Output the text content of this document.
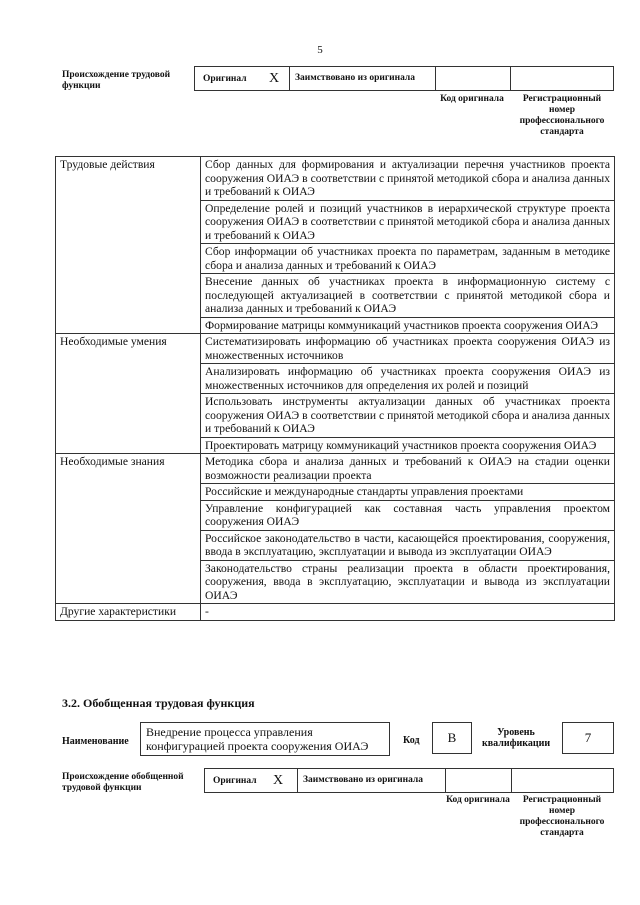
5
Происхождение трудовой функции
Оригинал X Заимствовано из оригинала
Код оригинала	Регистрационный номер профессионального стандарта
Трудовые действия	Сбор данных для формирования и актуализации перечня участников проекта сооружения ОИАЭ в соответствии с принятой методикой сбора и анализа данных и требований к ОИАЭ
	Определение ролей и позиций участников в иерархической структуре проекта сооружения ОИАЭ в соответствии с принятой методикой сбора и анализа данных и требований к ОИАЭ
	Сбор информации об участниках проекта по параметрам, заданным в методике сбора и анализа данных и требований к ОИАЭ
	Внесение данных об участниках проекта в информационную систему с последующей актуализацией в соответствии с принятой методикой сбора и анализа данных и требований к ОИАЭ
	Формирование матрицы коммуникаций участников проекта сооружения ОИАЭ
Необходимые умения	Систематизировать информацию об участниках проекта сооружения ОИАЭ из множественных источников
	Анализировать информацию об участниках проекта сооружения ОИАЭ из множественных источников для определения их ролей и позиций
	Использовать инструменты актуализации данных об участниках проекта сооружения ОИАЭ в соответствии с принятой методикой сбора и анализа данных и требований к ОИАЭ
	Проектировать матрицу коммуникаций участников проекта сооружения ОИАЭ
Необходимые знания	Методика сбора и анализа данных и требований к ОИАЭ на стадии оценки возможности реализации проекта
	Российские и международные стандарты управления проектами
	Управление конфигурацией как составная часть управления проектом сооружения ОИАЭ
	Российское законодательство в части, касающейся проектирования, сооружения, ввода в эксплуатацию, эксплуатации и вывода из эксплуатации ОИАЭ
	Законодательство страны реализации проекта в области проектирования, сооружения, ввода в эксплуатацию, эксплуатации и вывода из эксплуатации ОИАЭ
Другие характеристики	-
3.2. Обобщенная трудовая функция
Наименование
Внедрение процесса управления конфигурацией проекта сооружения ОИАЭ	Код	B	Уровень квалификации	7
Происхождение обобщенной трудовой функции
Оригинал X Заимствовано из оригинала
Код оригинала	Регистрационный номер профессионального стандарта
